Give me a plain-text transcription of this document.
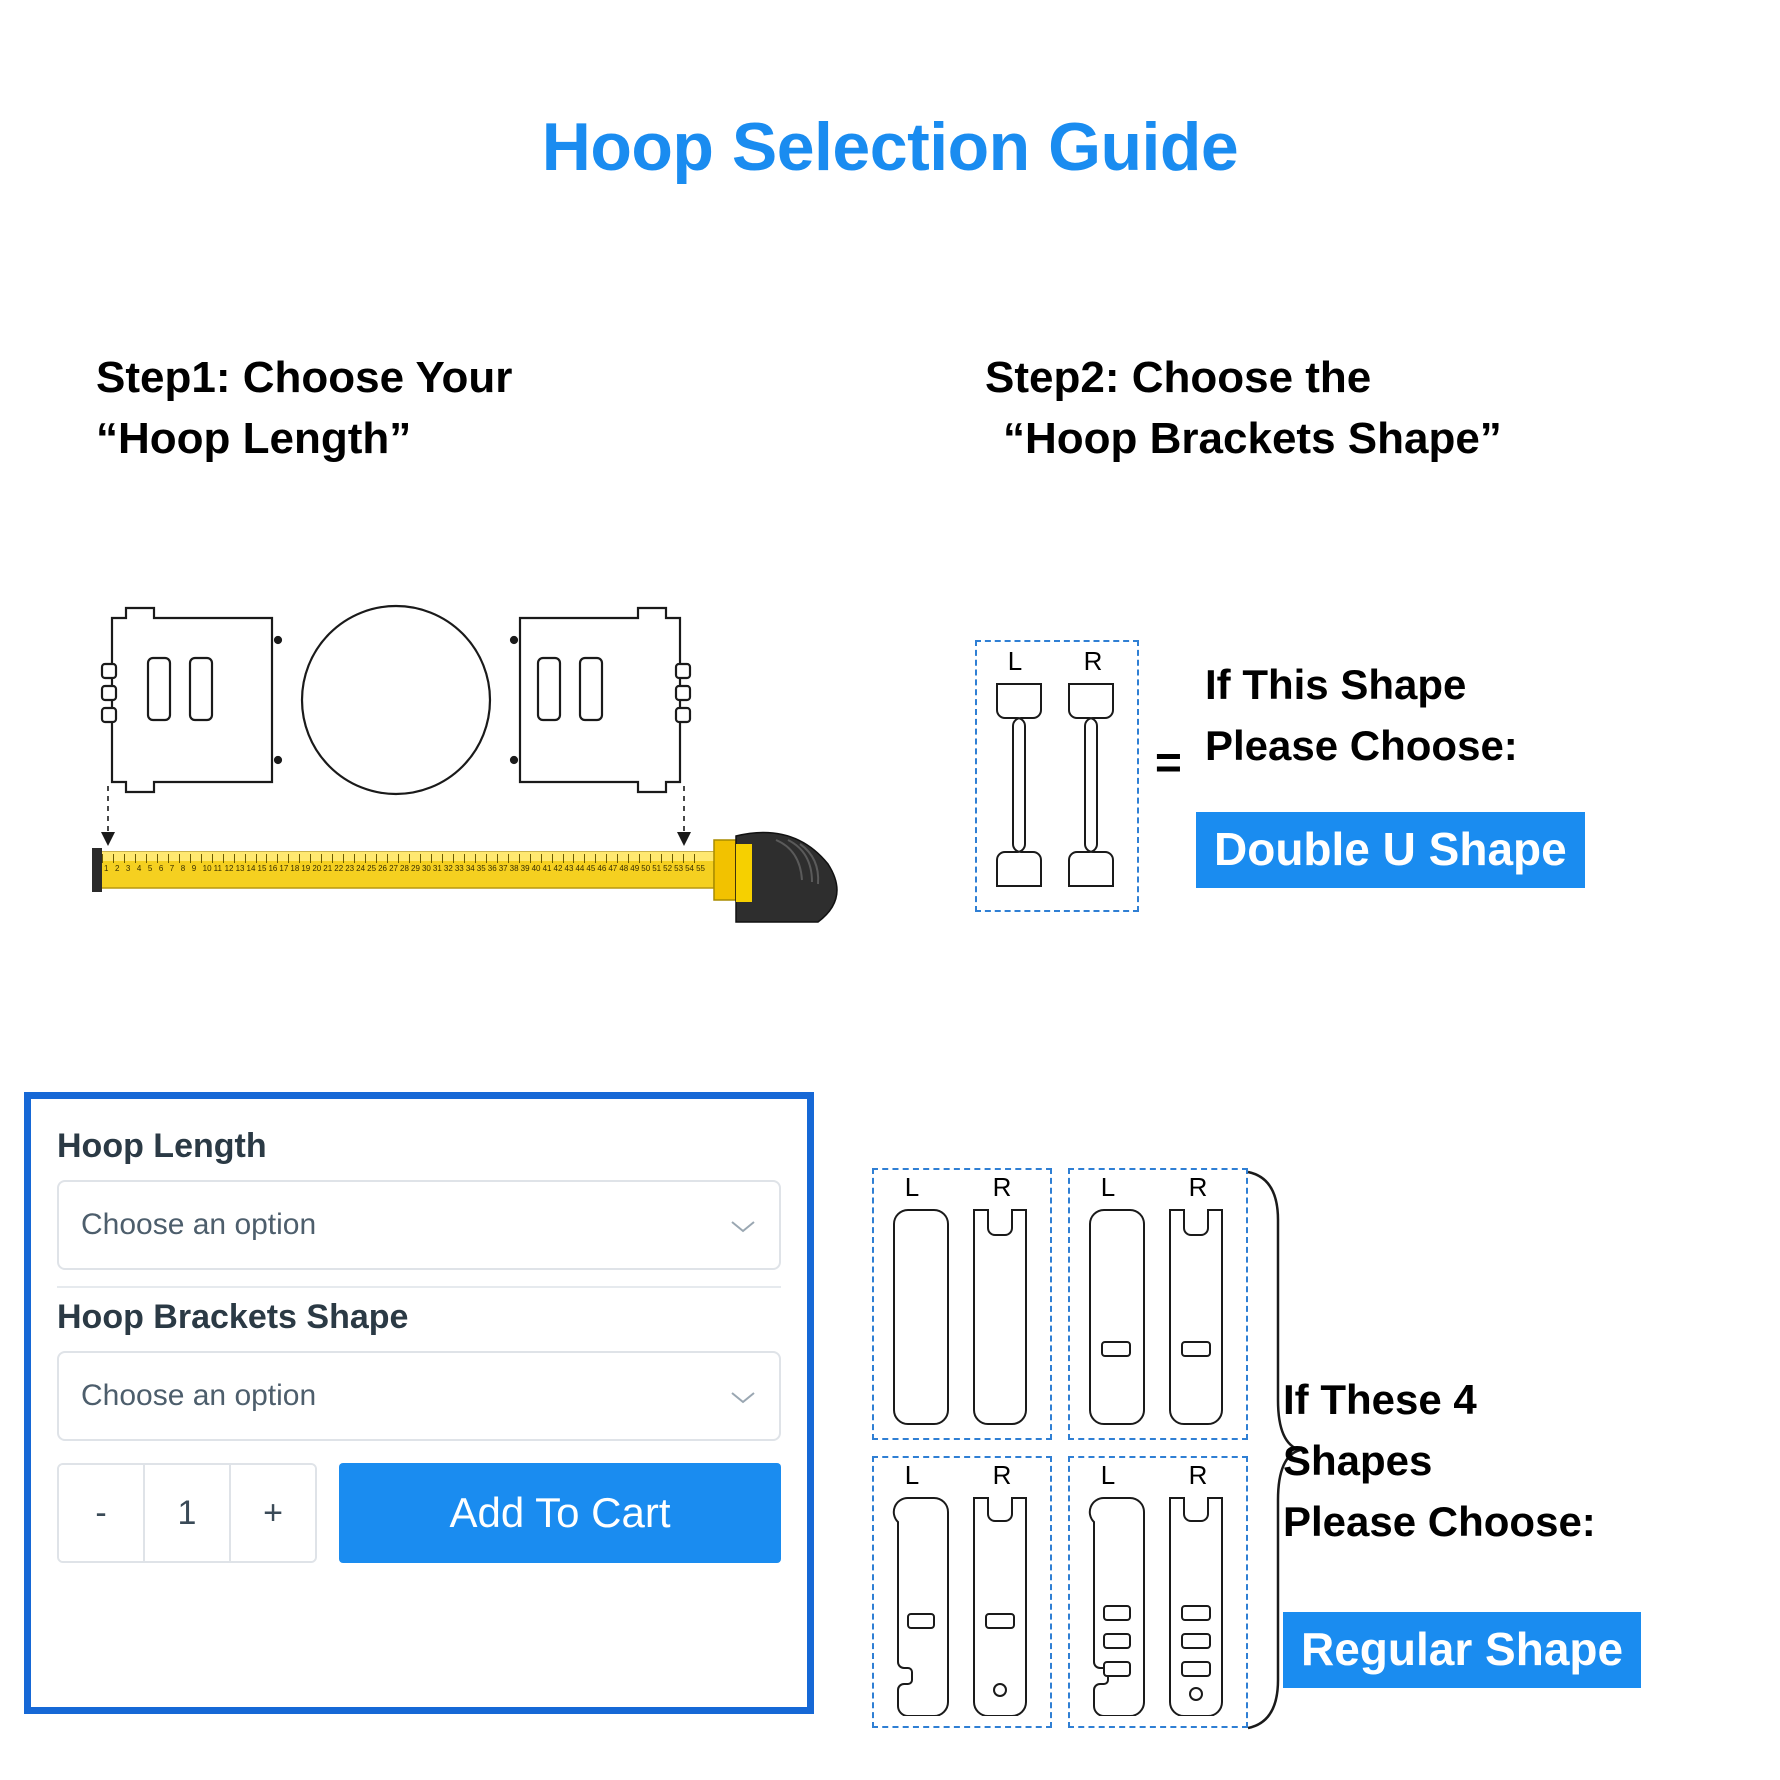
Hoop Selection Guide
Step1: Choose Your
“Hoop Length”
Step2: Choose the
“Hoop Brackets Shape”
1 2 3 4 5 6 7 8 9 10 11 12 13 14 15 16 17 18 19 20 21 22 23 24 25 26 27 28 29 30 31 32 33 34 35 36 37 38 39 40 41 42 43 44 45 46 47 48 49 50 51 52 53 54 55
L	R
=
If This Shape
Please Choose:
Double U Shape
Hoop Length
Choose an option
Hoop Brackets Shape
Choose an option
-	1	+	Add To Cart
L	R	L	R
L	R	L	R
If These 4
Shapes
Please Choose:
Regular Shape
